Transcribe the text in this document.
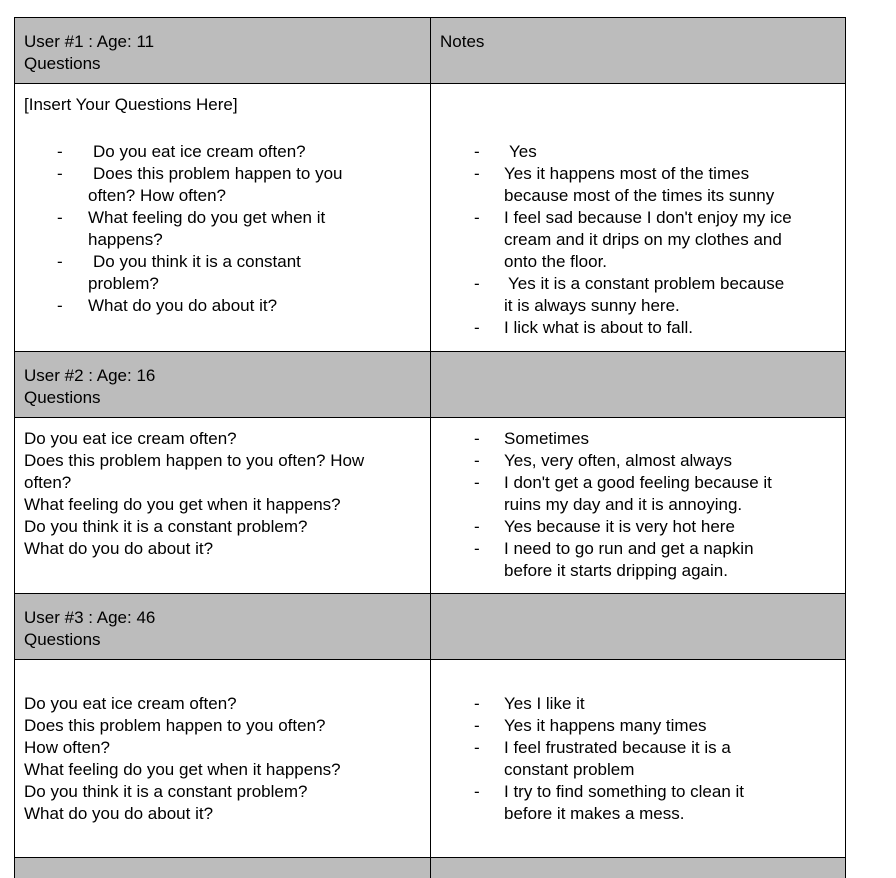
User #1 : Age: 11
Questions
Notes
[Insert Your Questions Here]
- Do you eat ice cream often?
- Does this problem happen to you
often? How often?
- What feeling do you get when it
happens?
- Do you think it is a constant
problem?
- What do you do about it?
- Yes
- Yes it happens most of the times
because most of the times its sunny
- I feel sad because I don't enjoy my ice
cream and it drips on my clothes and
onto the floor.
- Yes it is a constant problem because
it is always sunny here.
- I lick what is about to fall.
User #2 : Age: 16
Questions
Do you eat ice cream often?
Does this problem happen to you often? How
often?
What feeling do you get when it happens?
Do you think it is a constant problem?
What do you do about it?
- Sometimes
- Yes, very often, almost always
- I don't get a good feeling because it
ruins my day and it is annoying.
- Yes because it is very hot here
- I need to go run and get a napkin
before it starts dripping again.
User #3 : Age: 46
Questions
Do you eat ice cream often?
Does this problem happen to you often?
How often?
What feeling do you get when it happens?
Do you think it is a constant problem?
What do you do about it?
- Yes I like it
- Yes it happens many times
- I feel frustrated because it is a
constant problem
- I try to find something to clean it
before it makes a mess.
